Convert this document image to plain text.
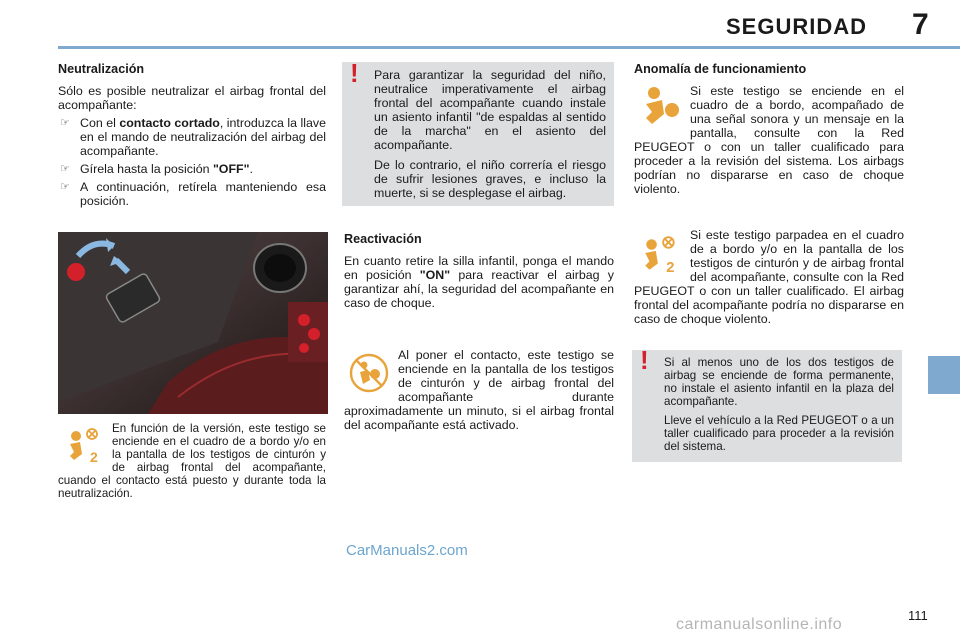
SEGURIDAD 7
Neutralización

Sólo es posible neutralizar el airbag frontal del acompañante:

☞ Con el contacto cortado, introduzca la llave en el mando de neutralización del airbag del acompañante.
☞ Gírela hasta la posición "OFF".
☞ A continuación, retírela manteniendo esa posición.
2

En función de la versión, este testigo se enciende en el cuadro de a bordo y/o en la pantalla de los testigos de cinturón y de airbag frontal del acompañante, cuando el contacto está puesto y durante toda la neutralización.

! Para garantizar la seguridad del niño, neutralice imperativamente el airbag frontal del acompañante cuando instale un asiento infantil "de espaldas al sentido de la marcha" en el asiento del acompañante.

De lo contrario, el niño correría el riesgo de sufrir lesiones graves, e incluso la muerte, si se desplegase el airbag.

Reactivación

En cuanto retire la silla infantil, ponga el mando en posición "ON" para reactivar el airbag y garantizar ahí, la seguridad del acompañante en caso de choque.

Al poner el contacto, este testigo se enciende en la pantalla de los testigos de cinturón y de airbag frontal del acompañante durante aproximadamente un minuto, si el airbag frontal del acompañante está activado.

Anomalía de funcionamiento

Si este testigo se enciende en el cuadro de a bordo, acompañado de una señal sonora y un mensaje en la pantalla, consulte con la Red PEUGEOT o con un taller cualificado para proceder a la revisión del sistema. Los airbags podrían no dispararse en caso de choque violento.

2

Si este testigo parpadea en el cuadro de a bordo y/o en la pantalla de los testigos de cinturón y de airbag frontal del acompañante, consulte con la Red PEUGEOT o con un taller cualificado. El airbag frontal del acompañante podría no dispararse en caso de choque violento.

! Si al menos uno de los dos testigos de airbag se enciende de forma permanente, no instale el asiento infantil en la plaza del acompañante.

Lleve el vehículo a la Red PEUGEOT o a un taller cualificado para proceder a la revisión del sistema.

CarManuals2.com
111
carmanualsonline.info
